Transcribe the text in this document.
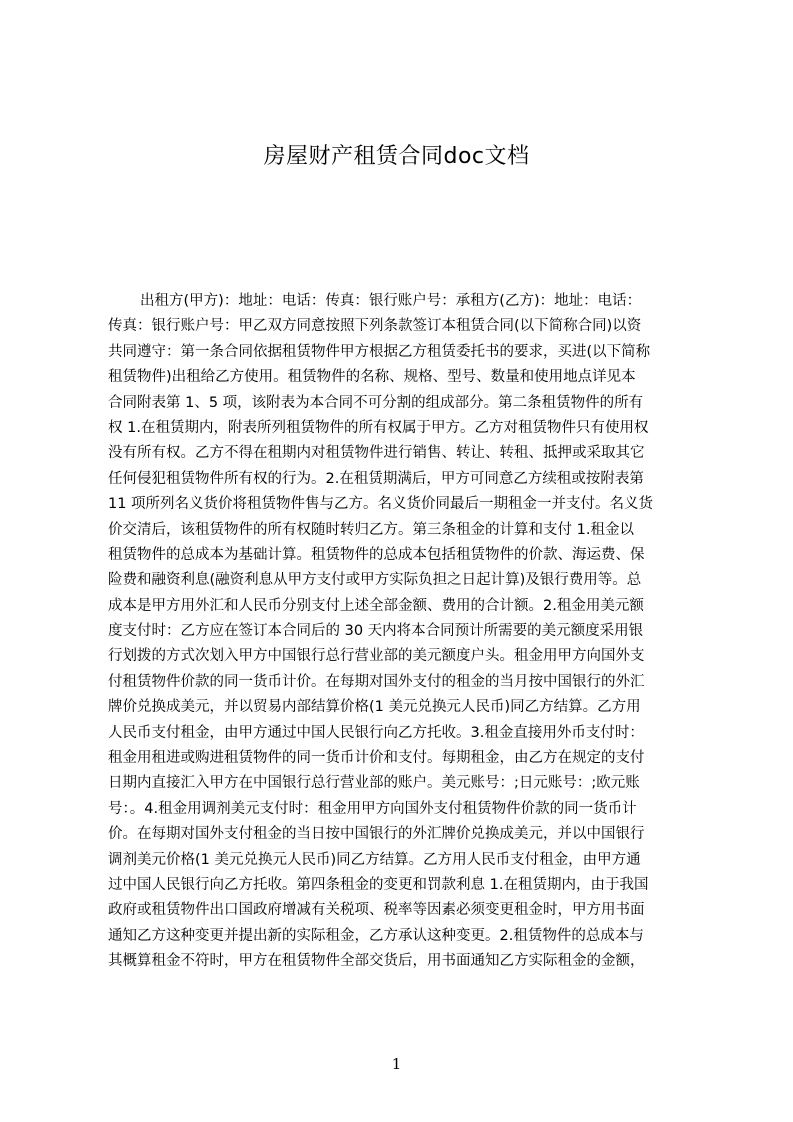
房屋财产租赁合同doc文档
出租方(甲方)：地址：电话：传真：银行账户号：承租方(乙方)：地址：电话：
传真：银行账户号：甲乙双方同意按照下列条款签订本租赁合同(以下简称合同)以资
共同遵守：第一条合同依据租赁物件甲方根据乙方租赁委托书的要求，买进(以下简称
租赁物件)出租给乙方使用。租赁物件的名称、规格、型号、数量和使用地点详见本
合同附表第 1、5 项，该附表为本合同不可分割的组成部分。第二条租赁物件的所有
权 1.在租赁期内，附表所列租赁物件的所有权属于甲方。乙方对租赁物件只有使用权
没有所有权。乙方不得在租期内对租赁物件进行销售、转让、转租、抵押或采取其它
任何侵犯租赁物件所有权的行为。2.在租赁期满后，甲方可同意乙方续租或按附表第
11 项所列名义货价将租赁物件售与乙方。名义货价同最后一期租金一并支付。名义货
价交清后，该租赁物件的所有权随时转归乙方。第三条租金的计算和支付 1.租金以
租赁物件的总成本为基础计算。租赁物件的总成本包括租赁物件的价款、海运费、保
险费和融资利息(融资利息从甲方支付或甲方实际负担之日起计算)及银行费用等。总
成本是甲方用外汇和人民币分别支付上述全部金额、费用的合计额。2.租金用美元额
度支付时：乙方应在签订本合同后的 30 天内将本合同预计所需要的美元额度采用银
行划拨的方式次划入甲方中国银行总行营业部的美元额度户头。租金用甲方向国外支
付租赁物件价款的同一货币计价。在每期对国外支付的租金的当月按中国银行的外汇
牌价兑换成美元，并以贸易内部结算价格(1 美元兑换元人民币)同乙方结算。乙方用
人民币支付租金，由甲方通过中国人民银行向乙方托收。3.租金直接用外币支付时：
租金用租进或购进租赁物件的同一货币计价和支付。每期租金，由乙方在规定的支付
日期内直接汇入甲方在中国银行总行营业部的账户。美元账号：;日元账号：;欧元账
号：。4.租金用调剂美元支付时：租金用甲方向国外支付租赁物件价款的同一货币计
价。在每期对国外支付租金的当日按中国银行的外汇牌价兑换成美元，并以中国银行
调剂美元价格(1 美元兑换元人民币)同乙方结算。乙方用人民币支付租金，由甲方通
过中国人民银行向乙方托收。第四条租金的变更和罚款利息 1.在租赁期内，由于我国
政府或租赁物件出口国政府增减有关税项、税率等因素必须变更租金时，甲方用书面
通知乙方这种变更并提出新的实际租金，乙方承认这种变更。2.租赁物件的总成本与
其概算租金不符时，甲方在租赁物件全部交货后，用书面通知乙方实际租金的金额，
1
